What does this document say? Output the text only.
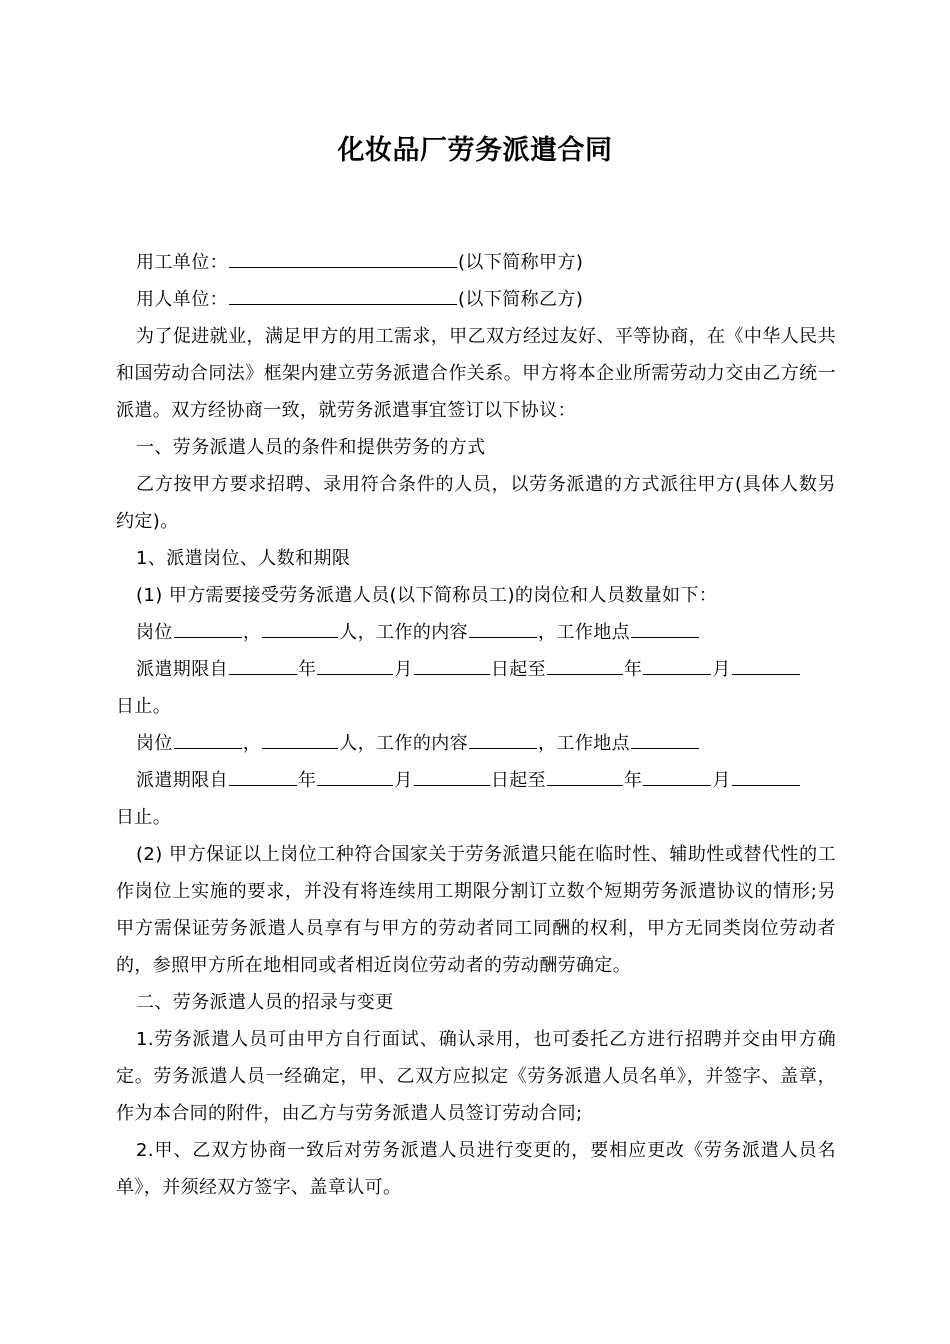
化妆品厂劳务派遣合同

用工单位：	(以下简称甲方)

用人单位：	(以下简称乙方)

为了促进就业，满足甲方的用工需求，甲乙双方经过友好、平等协商，在《中华人民共和国劳动合同法》框架内建立劳务派遣合作关系。甲方将本企业所需劳动力交由乙方统一派遣。双方经协商一致，就劳务派遣事宜签订以下协议：

一、劳务派遣人员的条件和提供劳务的方式

乙方按甲方要求招聘、录用符合条件的人员，以劳务派遣的方式派往甲方(具体人数另约定)。

1、派遣岗位、人数和期限

(1) 甲方需要接受劳务派遣人员(以下简称员工)的岗位和人员数量如下：

岗位	，	人，工作的内容	，工作地点

派遣期限自	年	月	日起至	年	月

日止。

岗位	，	人，工作的内容	，工作地点

派遣期限自	年	月	日起至	年	月

日止。

(2) 甲方保证以上岗位工种符合国家关于劳务派遣只能在临时性、辅助性或替代性的工作岗位上实施的要求，并没有将连续用工期限分割订立数个短期劳务派遣协议的情形;另甲方需保证劳务派遣人员享有与甲方的劳动者同工同酬的权利，甲方无同类岗位劳动者的，参照甲方所在地相同或者相近岗位劳动者的劳动酬劳确定。

二、劳务派遣人员的招录与变更

1.劳务派遣人员可由甲方自行面试、确认录用，也可委托乙方进行招聘并交由甲方确定。劳务派遣人员一经确定，甲、乙双方应拟定《劳务派遣人员名单》，并签字、盖章，作为本合同的附件，由乙方与劳务派遣人员签订劳动合同;

2.甲、乙双方协商一致后对劳务派遣人员进行变更的，要相应更改《劳务派遣人员名单》，并须经双方签字、盖章认可。
